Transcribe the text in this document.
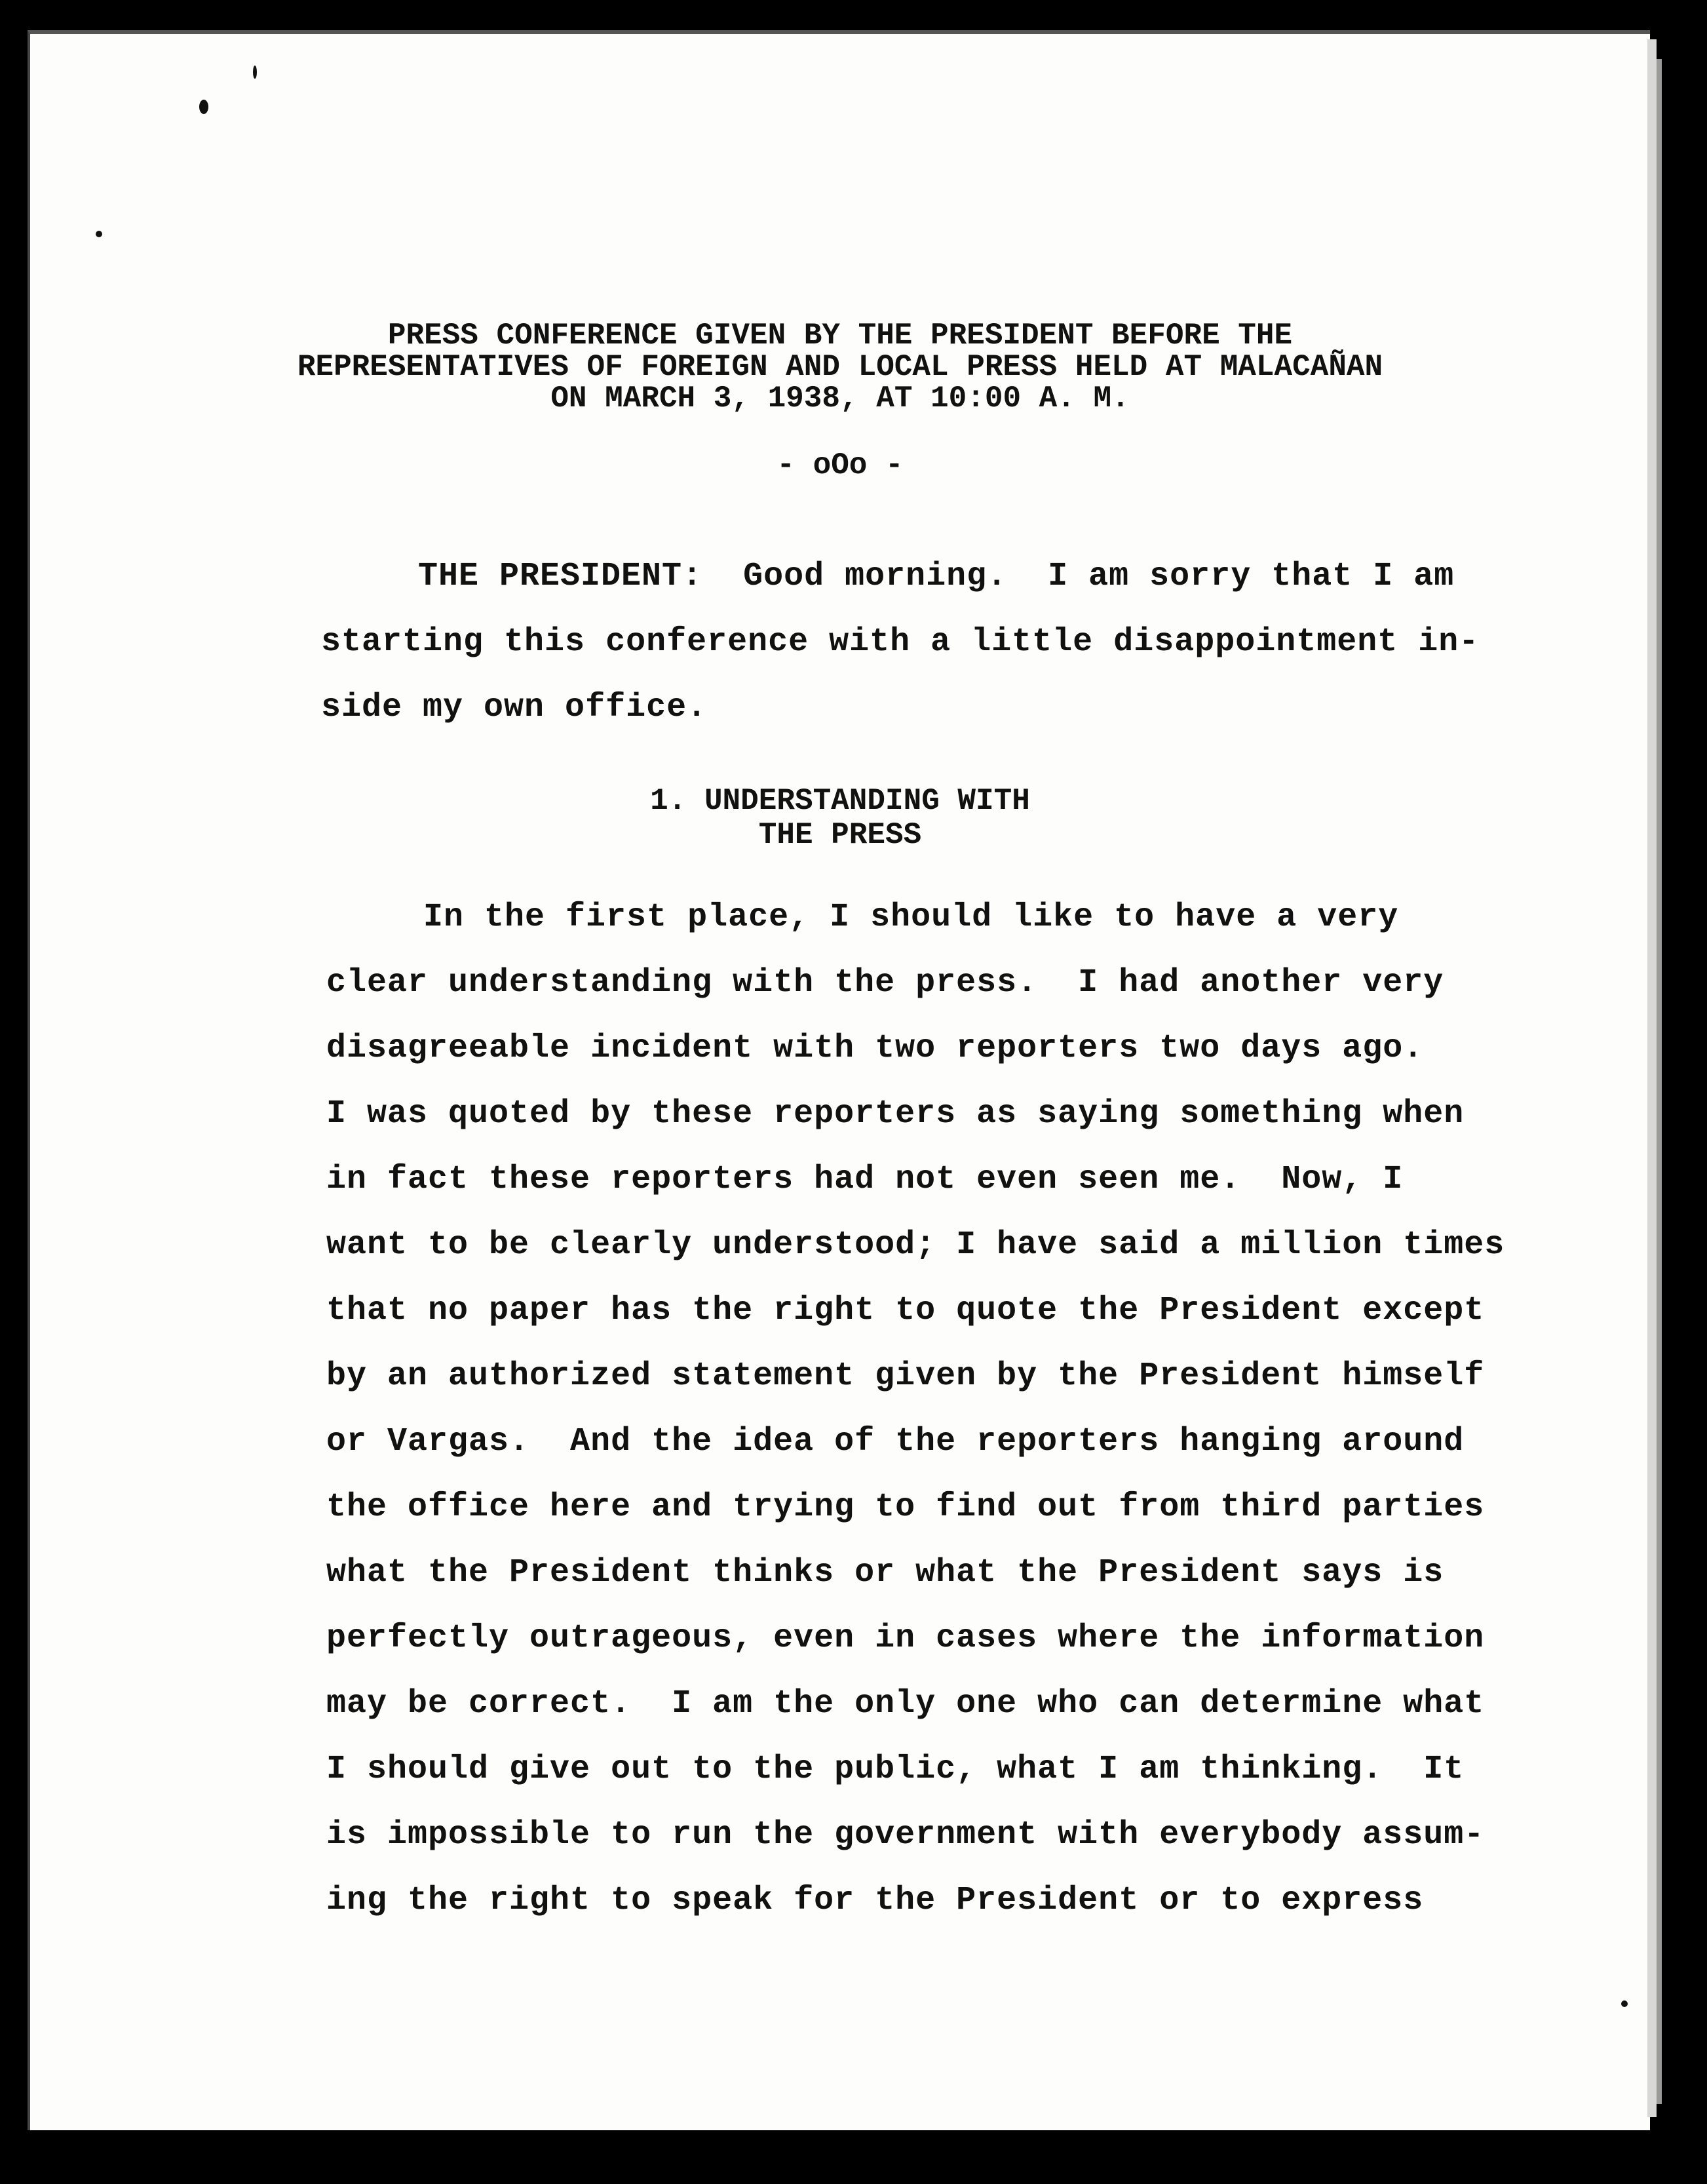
PRESS CONFERENCE GIVEN BY THE PRESIDENT BEFORE THE
REPRESENTATIVES OF FOREIGN AND LOCAL PRESS HELD AT MALACAÑAN
ON MARCH 3, 1938, AT 10:00 A. M.
- oOo -
THE PRESIDENT:  Good morning.  I am sorry that I am
starting this conference with a little disappointment in-
side my own office.
1. UNDERSTANDING WITH
THE PRESS
In the first place, I should like to have a very
clear understanding with the press.  I had another very
disagreeable incident with two reporters two days ago.
I was quoted by these reporters as saying something when
in fact these reporters had not even seen me.  Now, I
want to be clearly understood; I have said a million times
that no paper has the right to quote the President except
by an authorized statement given by the President himself
or Vargas.  And the idea of the reporters hanging around
the office here and trying to find out from third parties
what the President thinks or what the President says is
perfectly outrageous, even in cases where the information
may be correct.  I am the only one who can determine what
I should give out to the public, what I am thinking.  It
is impossible to run the government with everybody assum-
ing the right to speak for the President or to express
